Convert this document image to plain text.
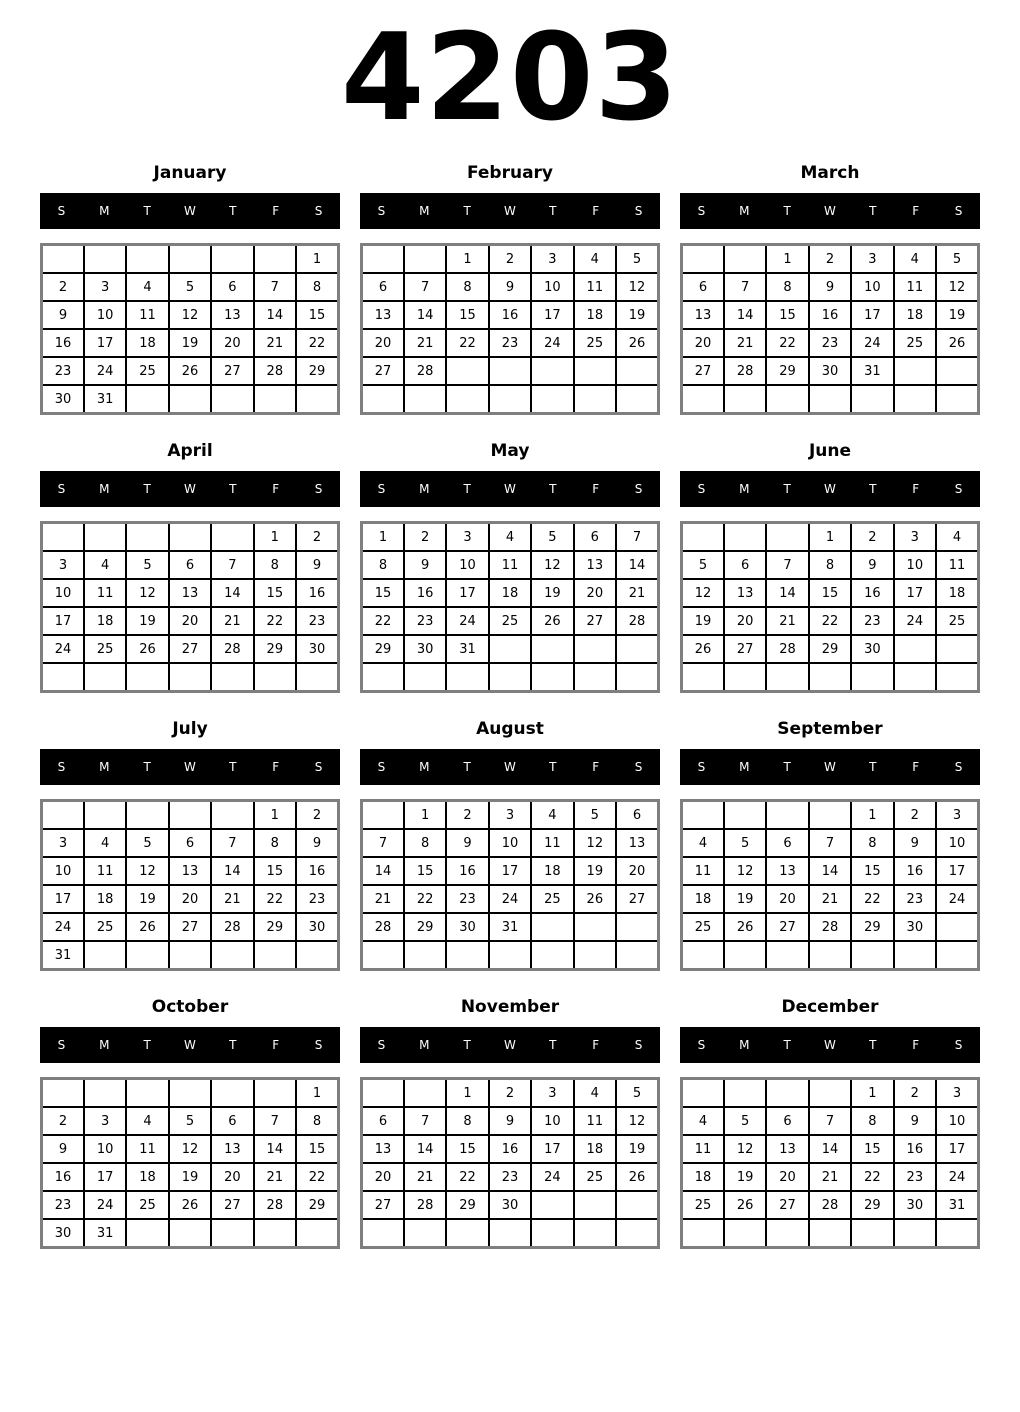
4203
January
S	M	T	W	T	F	S
						1
2	3	4	5	6	7	8
9	10	11	12	13	14	15
16	17	18	19	20	21	22
23	24	25	26	27	28	29
30	31					
February
S	M	T	W	T	F	S
		1	2	3	4	5
6	7	8	9	10	11	12
13	14	15	16	17	18	19
20	21	22	23	24	25	26
27	28					

March
S	M	T	W	T	F	S
		1	2	3	4	5
6	7	8	9	10	11	12
13	14	15	16	17	18	19
20	21	22	23	24	25	26
27	28	29	30	31		

April
S	M	T	W	T	F	S
					1	2
3	4	5	6	7	8	9
10	11	12	13	14	15	16
17	18	19	20	21	22	23
24	25	26	27	28	29	30

May
S	M	T	W	T	F	S
1	2	3	4	5	6	7
8	9	10	11	12	13	14
15	16	17	18	19	20	21
22	23	24	25	26	27	28
29	30	31				

June
S	M	T	W	T	F	S
			1	2	3	4
5	6	7	8	9	10	11
12	13	14	15	16	17	18
19	20	21	22	23	24	25
26	27	28	29	30		

July
S	M	T	W	T	F	S
					1	2
3	4	5	6	7	8	9
10	11	12	13	14	15	16
17	18	19	20	21	22	23
24	25	26	27	28	29	30
31						
August
S	M	T	W	T	F	S
	1	2	3	4	5	6
7	8	9	10	11	12	13
14	15	16	17	18	19	20
21	22	23	24	25	26	27
28	29	30	31			

September
S	M	T	W	T	F	S
				1	2	3
4	5	6	7	8	9	10
11	12	13	14	15	16	17
18	19	20	21	22	23	24
25	26	27	28	29	30	

October
S	M	T	W	T	F	S
						1
2	3	4	5	6	7	8
9	10	11	12	13	14	15
16	17	18	19	20	21	22
23	24	25	26	27	28	29
30	31					
November
S	M	T	W	T	F	S
		1	2	3	4	5
6	7	8	9	10	11	12
13	14	15	16	17	18	19
20	21	22	23	24	25	26
27	28	29	30			

December
S	M	T	W	T	F	S
				1	2	3
4	5	6	7	8	9	10
11	12	13	14	15	16	17
18	19	20	21	22	23	24
25	26	27	28	29	30	31
